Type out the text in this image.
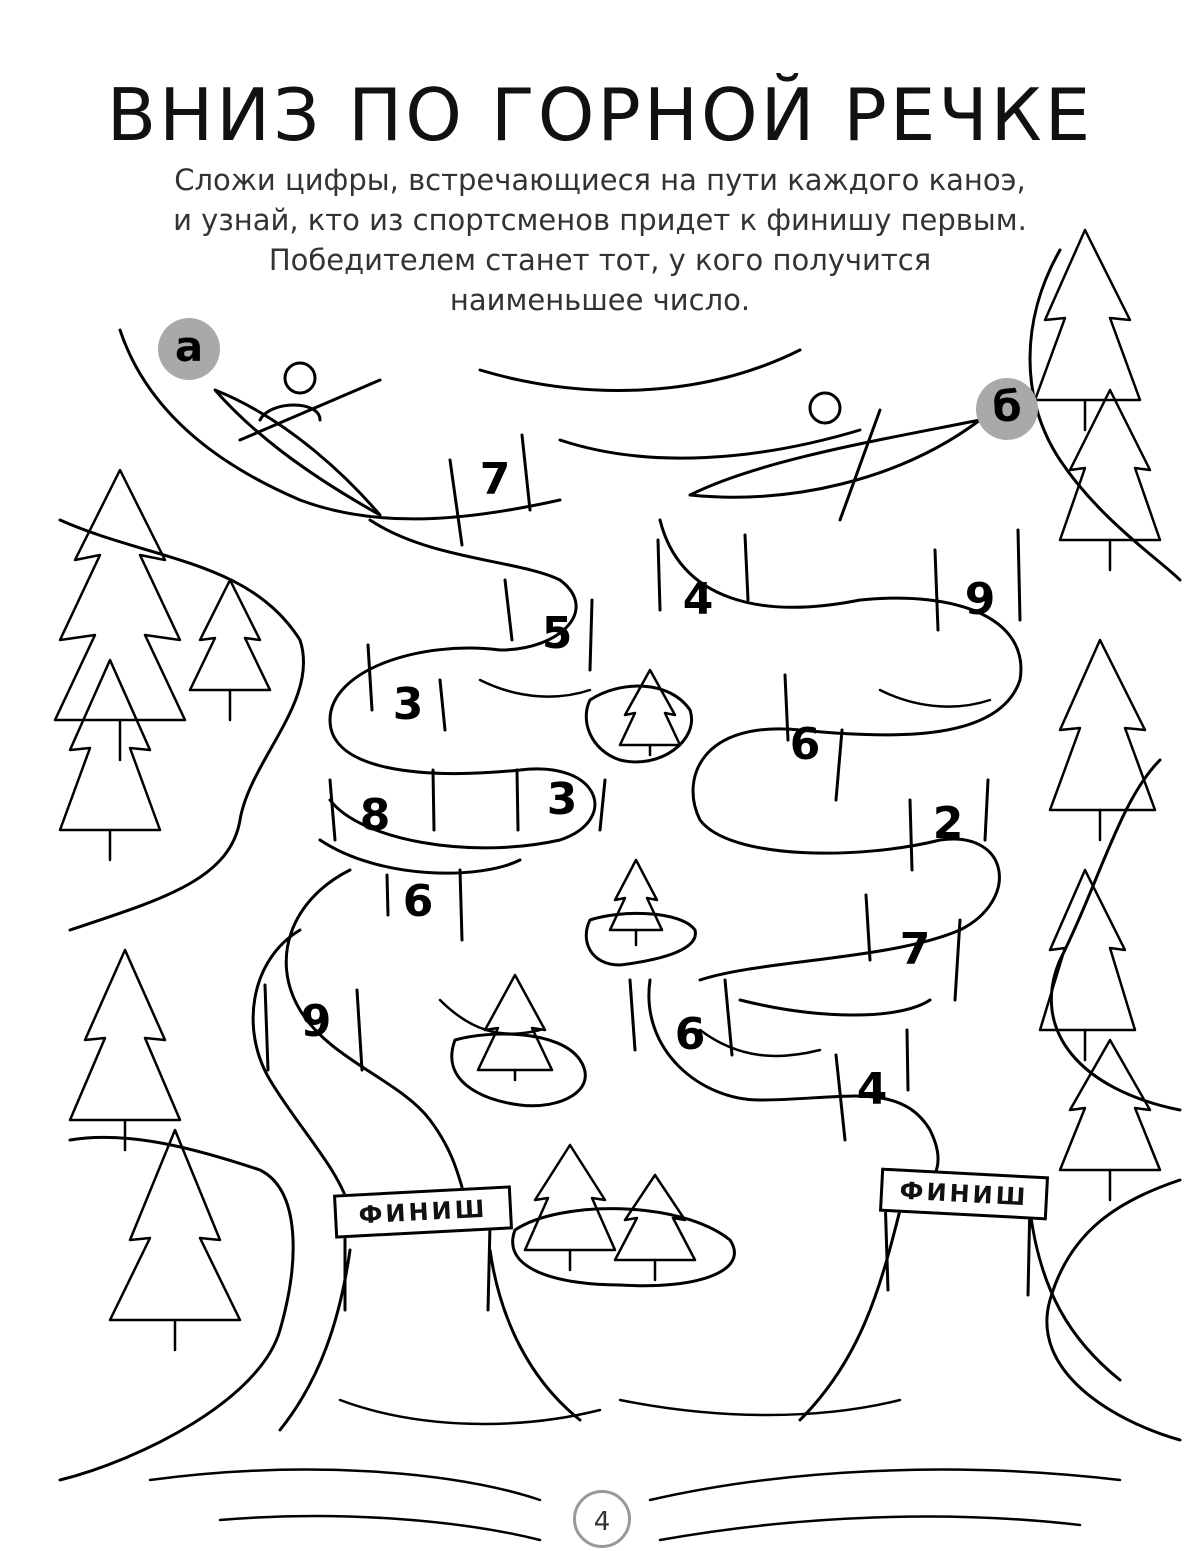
ВНИЗ ПО ГОРНОЙ РЕЧКЕ
Сложи цифры, встречающиеся на пути каждого каноэ,
и узнай, кто из спортсменов придет к финишу первым.
Победителем станет тот, у кого получится
наименьшее число.
а
б
7
5
3
8	3
6
9
4	9
6
2
7
6
4
ФИНИШ
ФИНИШ
4
